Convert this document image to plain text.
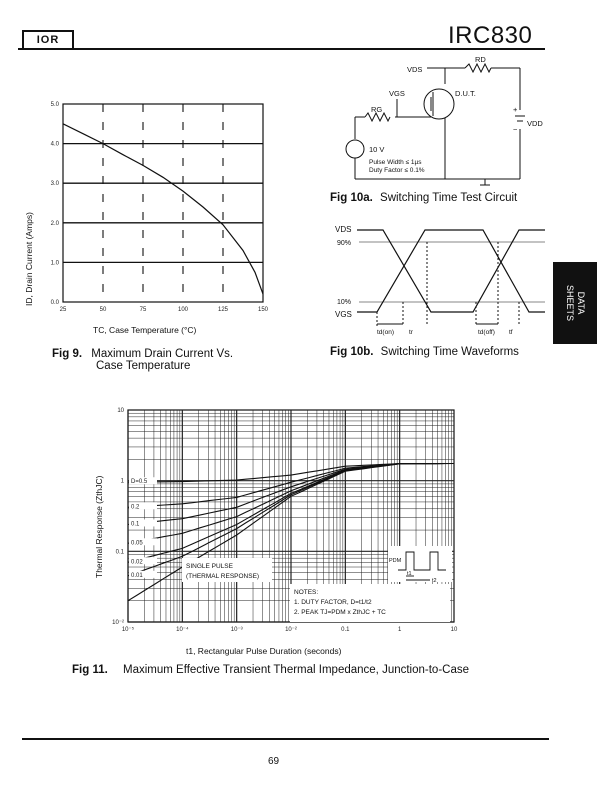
IOR	IRC830
DATA
SHEETS
0.0
1.0
2.0
3.0
4.0
5.0
25	50	75	100	125	150
ID, Drain Current (Amps)
TC, Case Temperature (°C)
Fig 9. Maximum Drain Current Vs.
Case Temperature
VDS
RD
D.U.T.
RG
VGS
VDD
+
−
10 V
Pulse Width ≤ 1µs
Duty Factor ≤ 0.1%
Fig 10a. Switching Time Test Circuit
VDS
90%
10%
VGS
td(on) tr	td(off) tf
Fig 10b. Switching Time Waveforms
10
1
0.1
10⁻²
10⁻⁵	10⁻⁴	10⁻³	10⁻²	0.1	1	10
D=0.5
0.2
0.1
0.05
0.02
0.01
SINGLE PULSE
(THERMAL RESPONSE)
NOTES:
1. DUTY FACTOR, D=t1/t2
2. PEAK TJ=PDM x ZthJC + TC
PDM
t1
t2
Thermal Response (ZthJC)
t1, Rectangular Pulse Duration (seconds)
Fig 11. Maximum Effective Transient Thermal Impedance, Junction-to-Case
69
